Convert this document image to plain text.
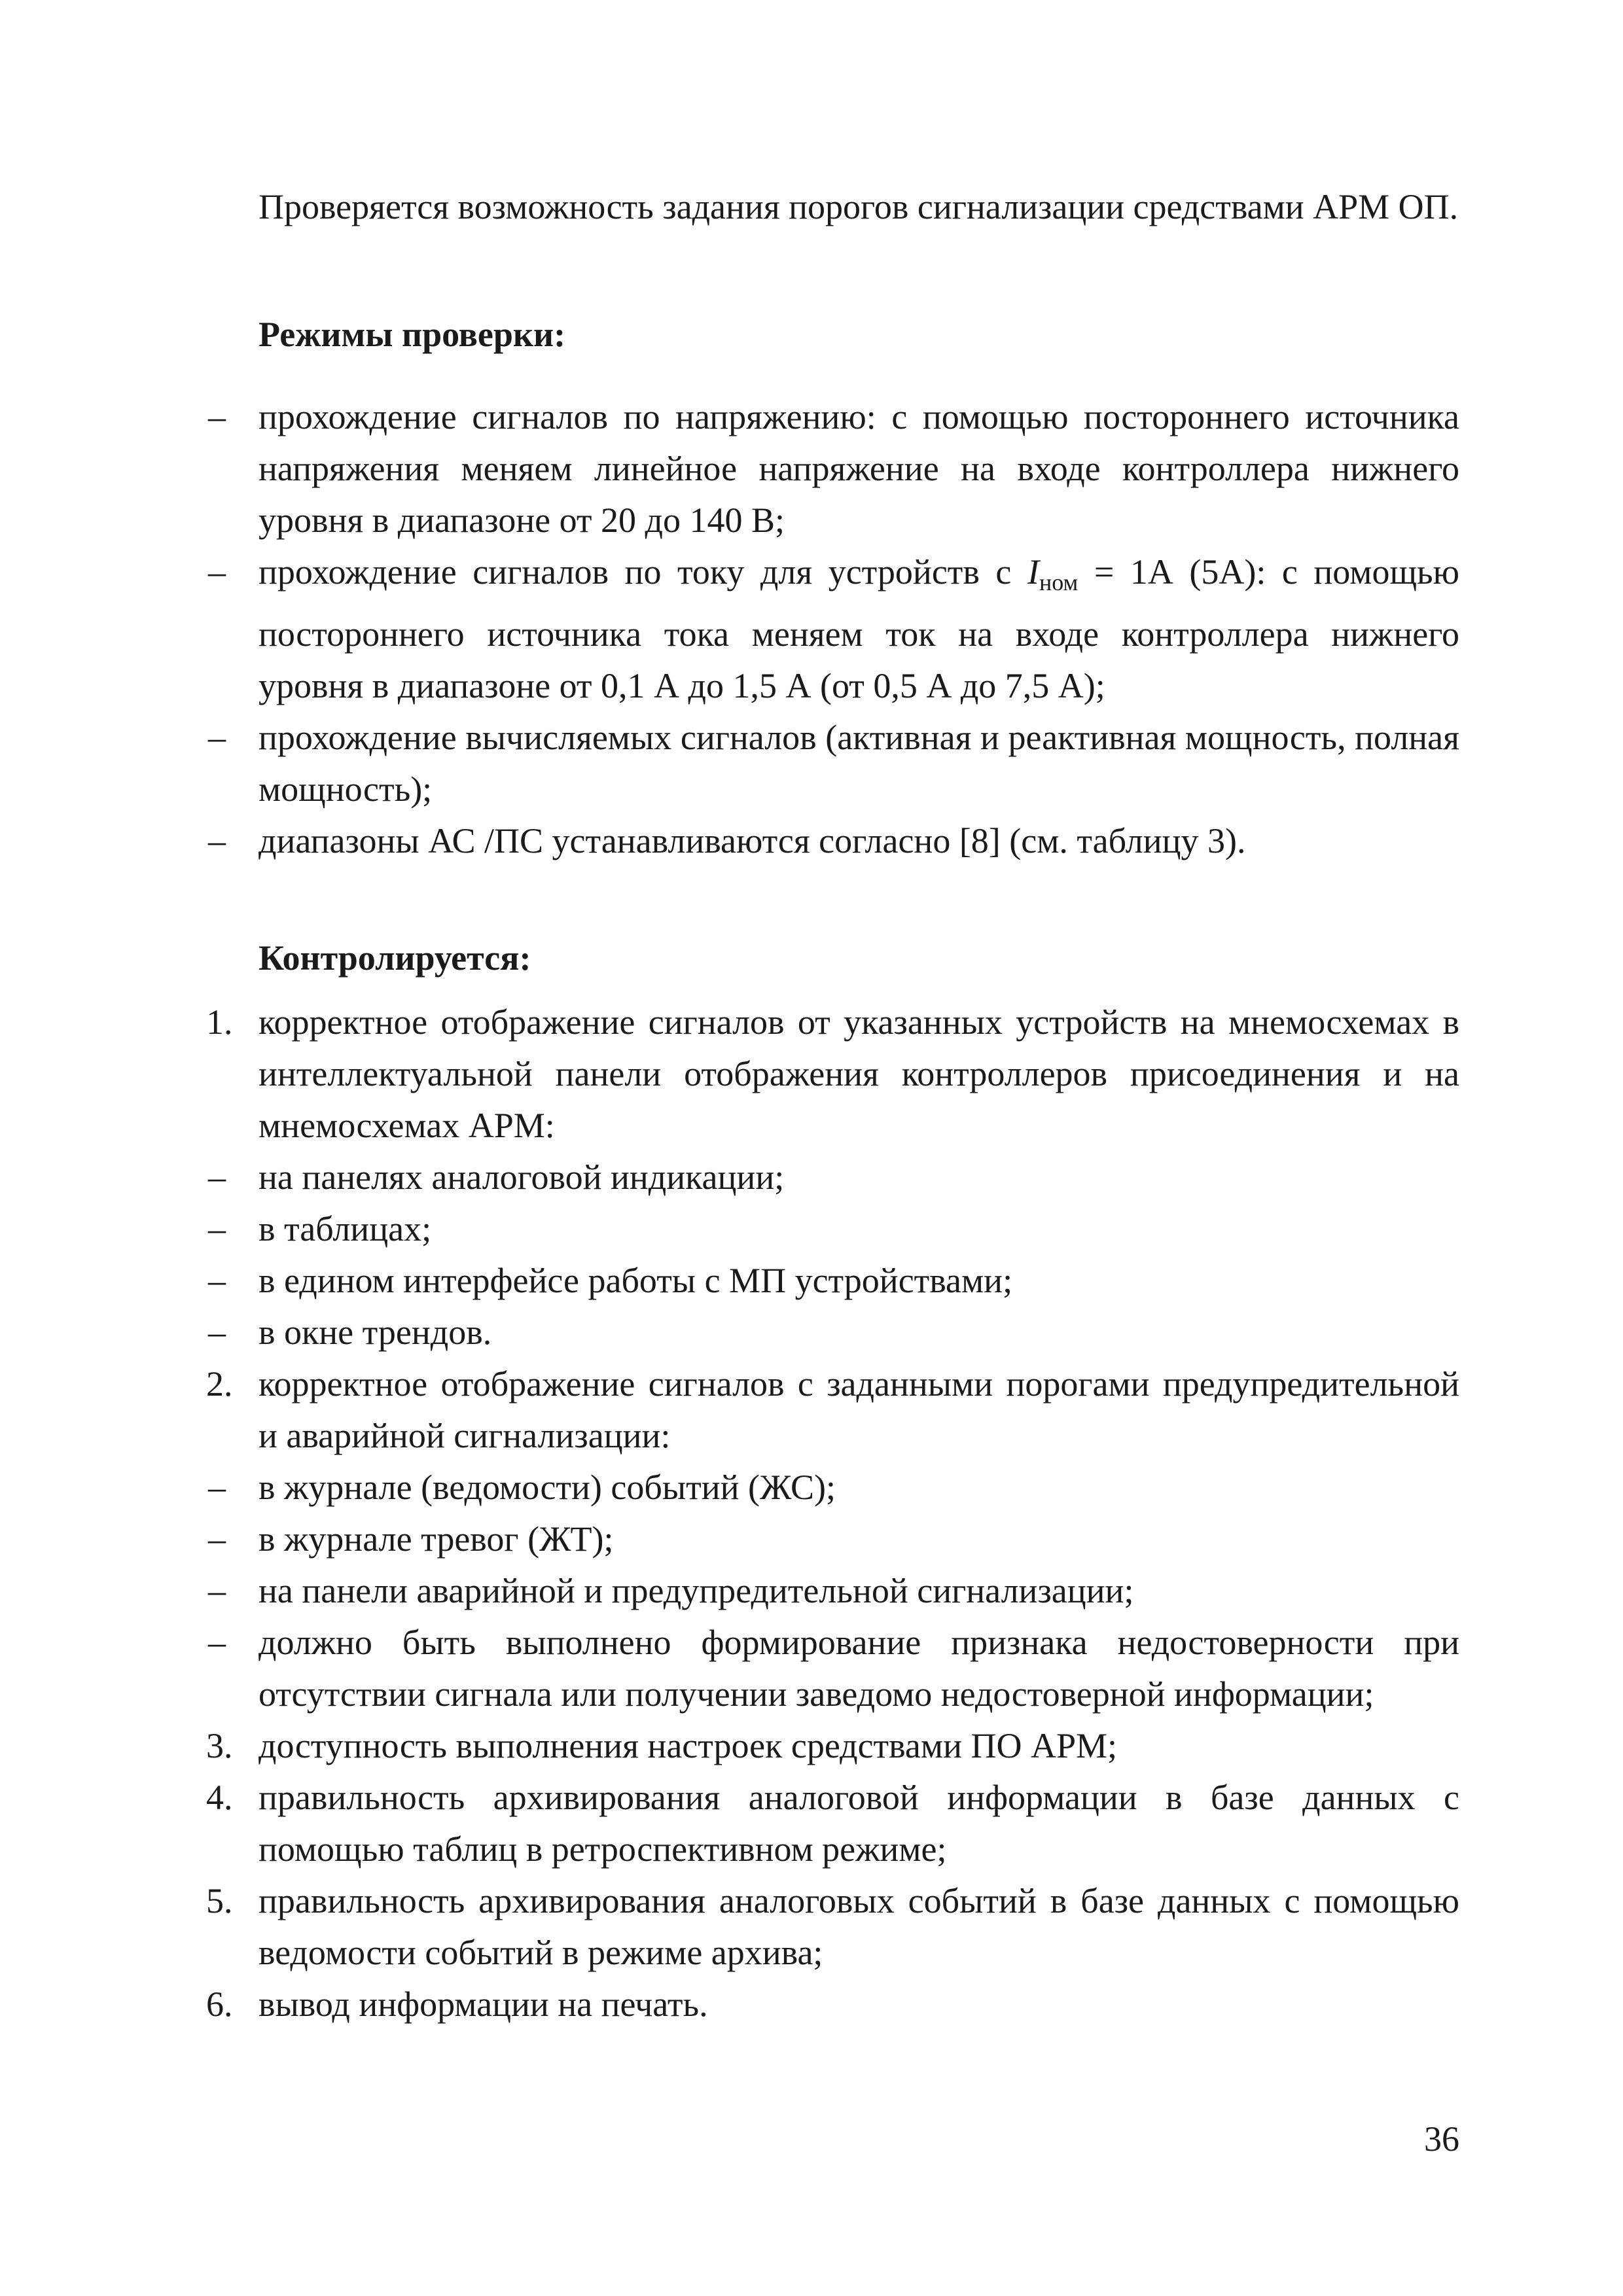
Проверяется возможность задания порогов сигнализации средствами АРМ ОП.
Режимы проверки:
– прохождение сигналов по напряжению: с помощью постороннего источника напряжения меняем линейное напряжение на входе контроллера нижнего уровня в диапазоне от 20 до 140 В;
– прохождение сигналов по току для устройств с $I_{ном} = 1А$ (5А): с помощью постороннего источника тока меняем ток на входе контроллера нижнего уровня в диапазоне от 0,1 А до 1,5 А (от 0,5 А до 7,5 А);
– прохождение вычисляемых сигналов (активная и реактивная мощность, полная мощность);
– диапазоны АС /ПС устанавливаются согласно [8] (см. таблицу 3).
Контролируется:
1. корректное отображение сигналов от указанных устройств на мнемосхемах в интеллектуальной панели отображения контроллеров присоединения и на мнемосхемах АРМ:
– на панелях аналоговой индикации;
– в таблицах;
– в едином интерфейсе работы с МП устройствами;
– в окне трендов.
2. корректное отображение сигналов с заданными порогами предупредительной и аварийной сигнализации:
– в журнале (ведомости) событий (ЖС);
– в журнале тревог (ЖТ);
– на панели аварийной и предупредительной сигнализации;
– должно быть выполнено формирование признака недостоверности при отсутствии сигнала или получении заведомо недостоверной информации;
3. доступность выполнения настроек средствами ПО АРМ;
4. правильность архивирования аналоговой информации в базе данных с помощью таблиц в ретроспективном режиме;
5. правильность архивирования аналоговых событий в базе данных с помощью ведомости событий в режиме архива;
6. вывод информации на печать.
36
